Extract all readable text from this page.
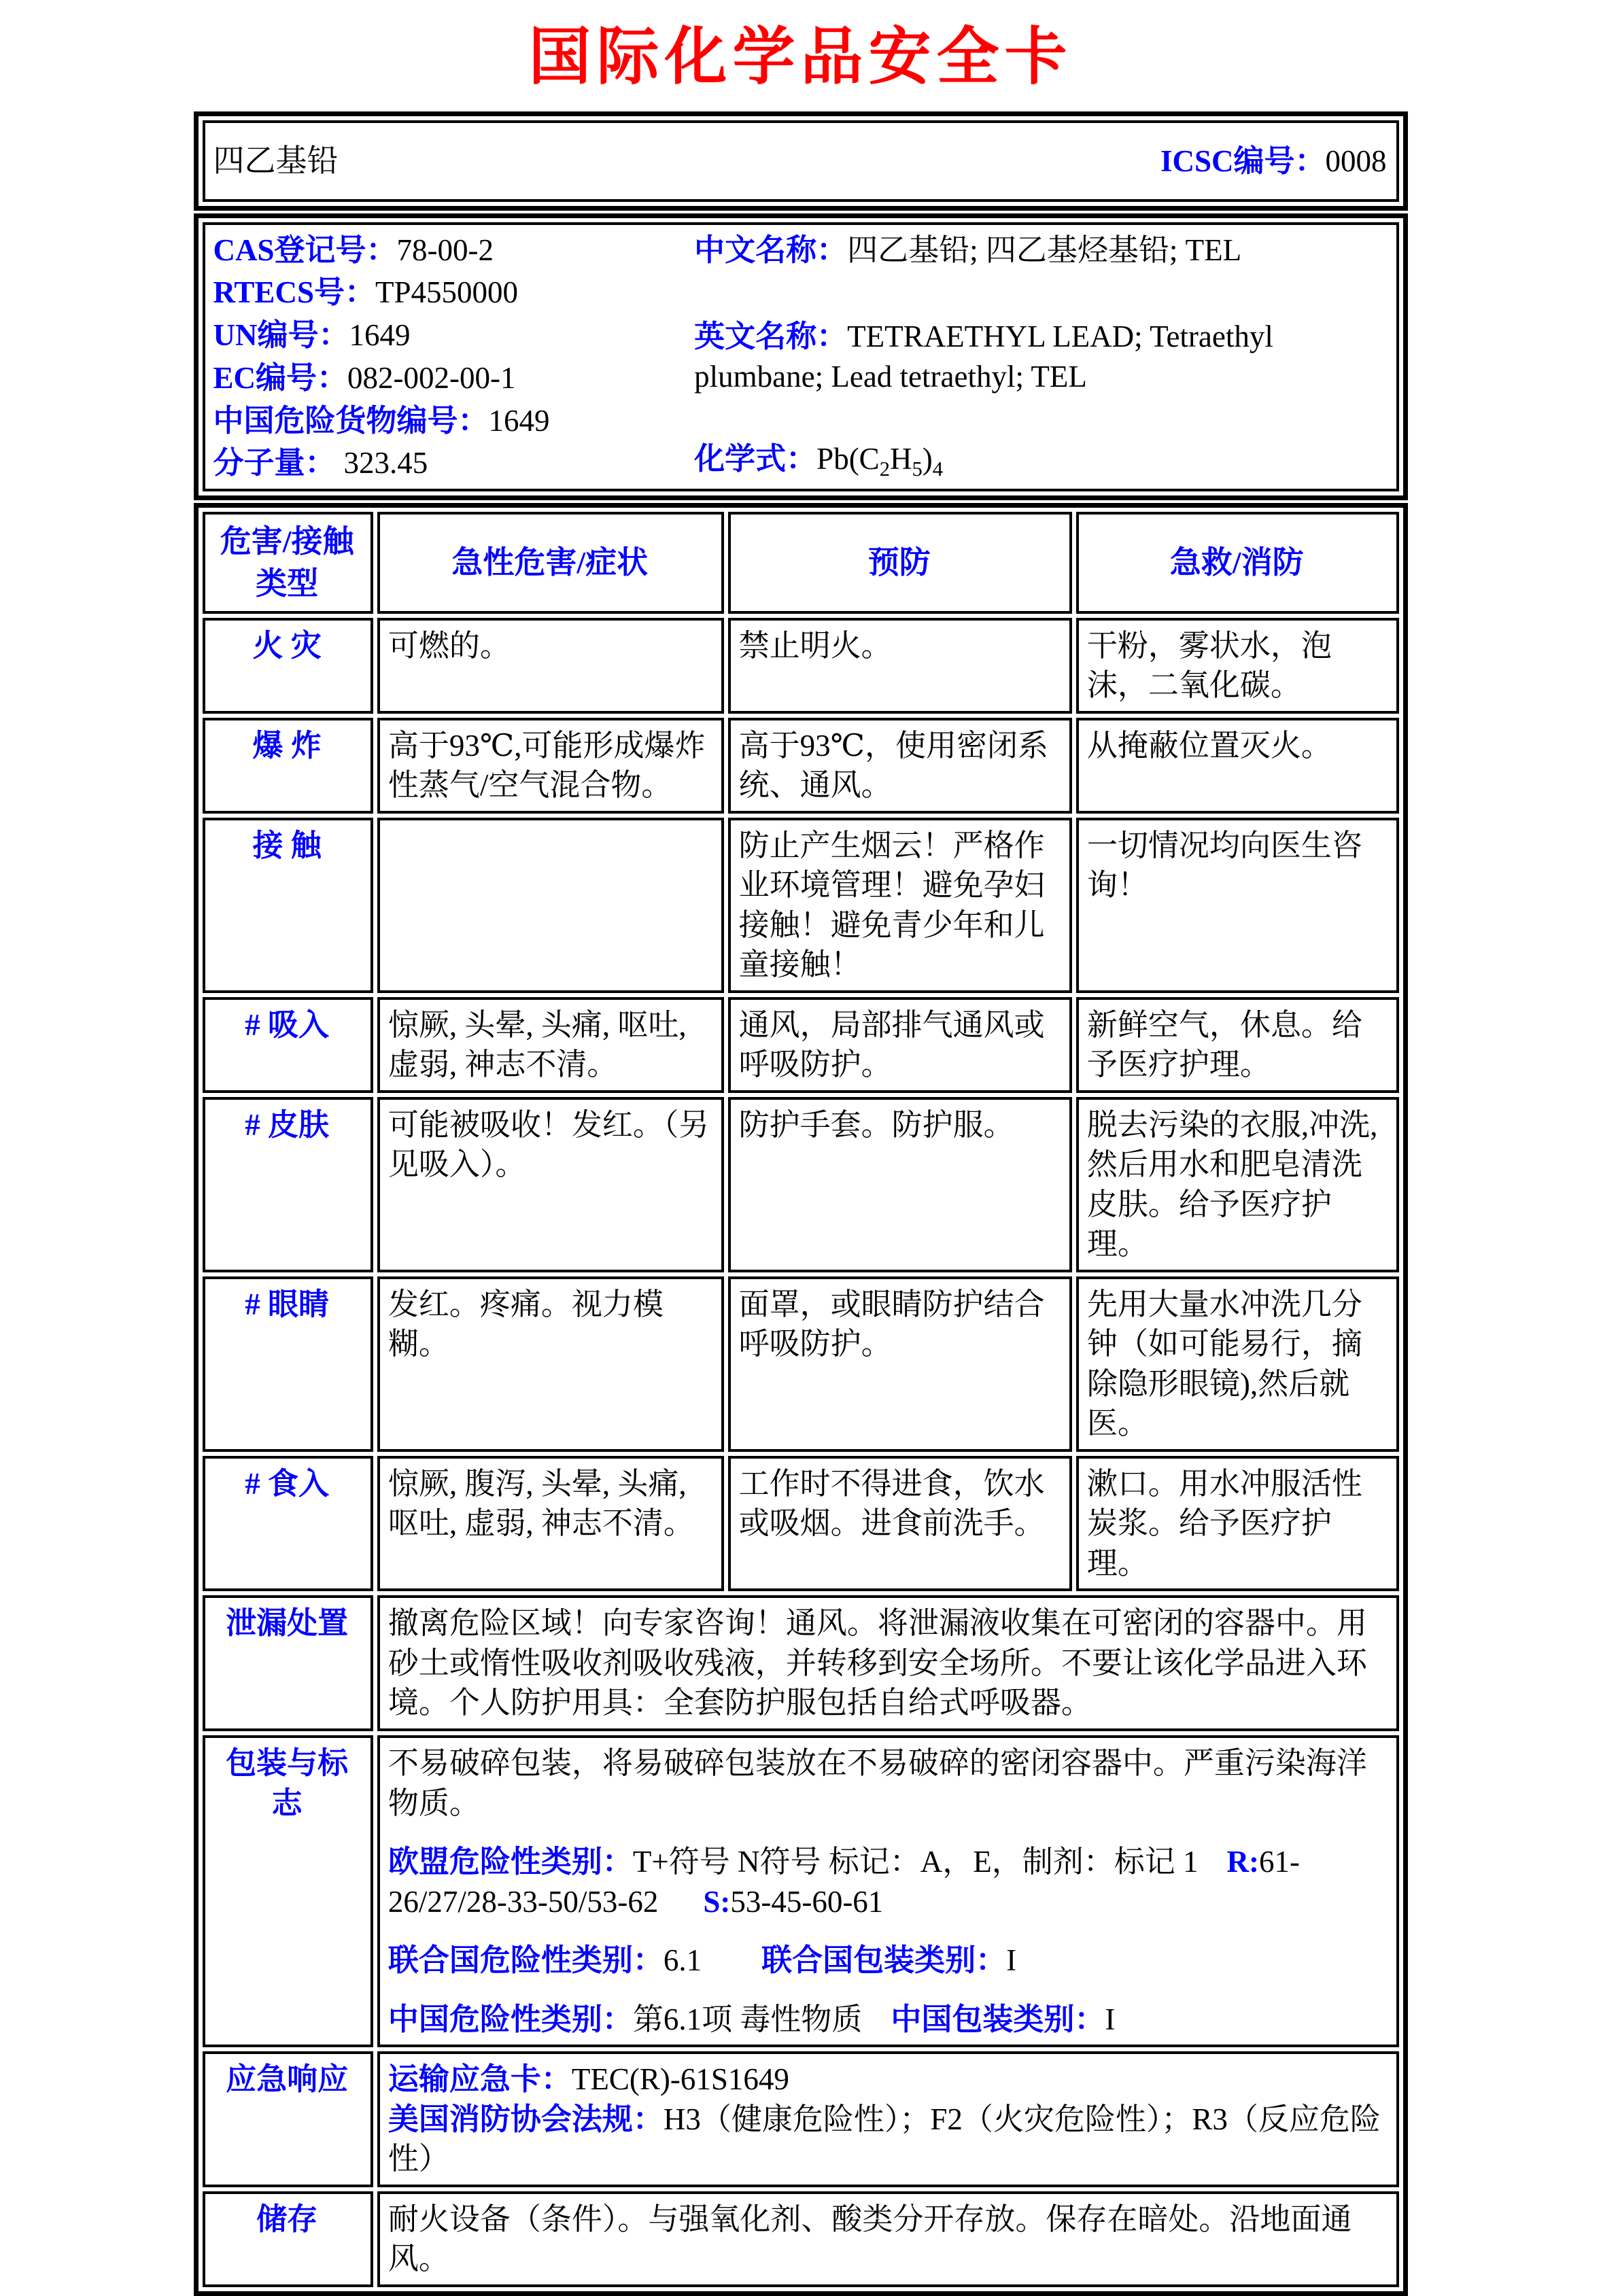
国际化学品安全卡
四乙基铅	ICSC编号：0008
CAS登记号：78-00-2
RTECS号：TP4550000
UN编号：1649
EC编号：082-002-00-1
中国危险货物编号：1649
分子量： 323.45
中文名称：四乙基铅; 四乙基烃基铅; TEL
英文名称：TETRAETHYL LEAD; Tetraethyl plumbane; Lead tetraethyl; TEL
化学式：$Pb(C_2H_5)_4$
危害/接触类型	急性危害/症状	预防	急救/消防
火 灾	可燃的。	禁止明火。	干粉，雾状水，泡沫，二氧化碳。
爆 炸	高于93℃,可能形成爆炸性蒸气/空气混合物。	高于93℃，使用密闭系统、通风。	从掩蔽位置灭火。
接 触		防止产生烟云！严格作业环境管理！避免孕妇接触！避免青少年和儿童接触！	一切情况均向医生咨询！
# 吸入	惊厥, 头晕, 头痛, 呕吐, 虚弱, 神志不清。	通风，局部排气通风或呼吸防护。	新鲜空气，休息。给予医疗护理。
# 皮肤	可能被吸收！发红。（另见吸入）。	防护手套。防护服。	脱去污染的衣服,冲洗,然后用水和肥皂清洗皮肤。给予医疗护理。
# 眼睛	发红。疼痛。视力模糊。	面罩，或眼睛防护结合呼吸防护。	先用大量水冲洗几分钟（如可能易行，摘除隐形眼镜),然后就医。
# 食入	惊厥, 腹泻, 头晕, 头痛, 呕吐, 虚弱, 神志不清。	工作时不得进食，饮水或吸烟。进食前洗手。	漱口。用水冲服活性炭浆。给予医疗护理。
泄漏处置	撤离危险区域！向专家咨询！通风。将泄漏液收集在可密闭的容器中。用砂土或惰性吸收剂吸收残液，并转移到安全场所。不要让该化学品进入环境。个人防护用具：全套防护服包括自给式呼吸器。		
包装与标志	不易破碎包装，将易破碎包装放在不易破碎的密闭容器中。严重污染海洋物质。
欧盟危险性类别：T+符号 N符号 标记：A，E，制剂：标记 1 R:61-26/27/28-33-50/53-62 S:53-45-60-61
联合国危险性类别：6.1 联合国包装类别：I
中国危险性类别：第6.1项 毒性物质 中国包装类别：I		

应急响应	运输应急卡：TEC(R)-61S1649
美国消防协会法规：H3（健康危险性）；F2（火灾危险性）；R3（反应危险性）		

储存	耐火设备（条件）。与强氧化剂、酸类分开存放。保存在暗处。沿地面通风。		
